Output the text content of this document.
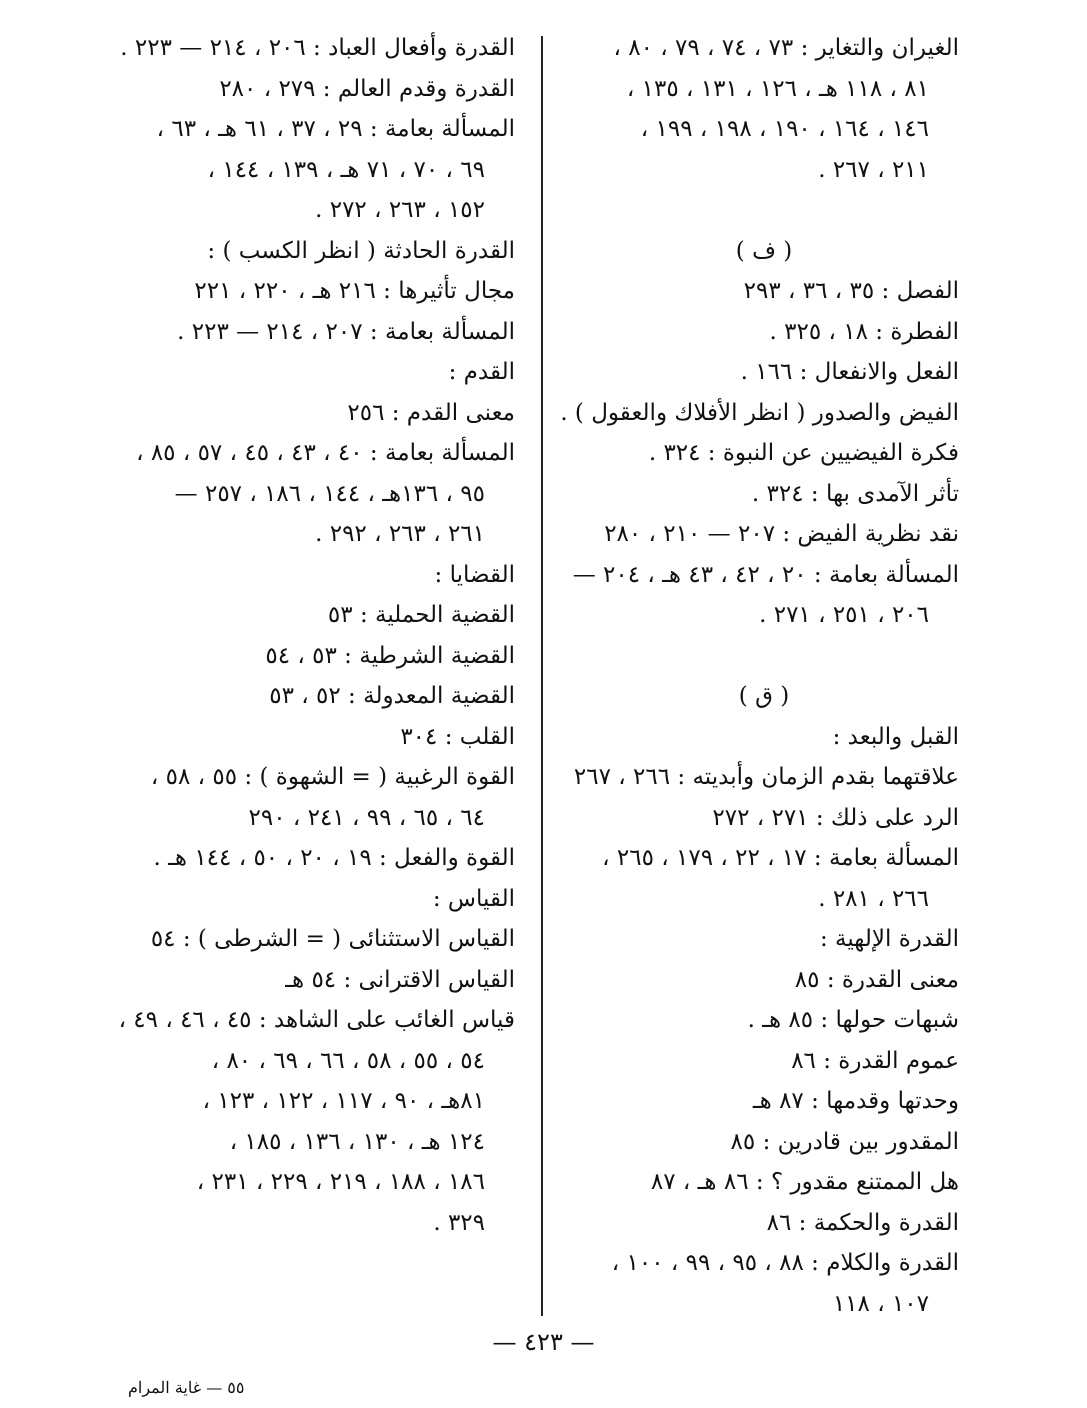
الغيران والتغاير : ٧٣ ، ٧٤ ، ٧٩ ، ٨٠ ،
٨١ ، ١١٨ هـ ، ١٢٦ ، ١٣١ ، ١٣٥ ،
١٤٦ ، ١٦٤ ، ١٩٠ ، ١٩٨ ، ١٩٩ ،
٢١١ ، ٢٦٧ .
( ف )
الفصل : ٣٥ ، ٣٦ ، ٢٩٣
الفطرة : ١٨ ، ٣٢٥ .
الفعل والانفعال : ١٦٦ .
الفيض والصدور ( انظر الأفلاك والعقول ) .
فكرة الفيضيين عن النبوة : ٣٢٤ .
تأثر الآمدى بها : ٣٢٤ .
نقد نظرية الفيض : ٢٠٧ — ٢١٠ ، ٢٨٠
المسألة بعامة : ٢٠ ، ٤٢ ، ٤٣ هـ ، ٢٠٤ —
٢٠٦ ، ٢٥١ ، ٢٧١ .
( ق )
القبل والبعد :
علاقتهما بقدم الزمان وأبديته : ٢٦٦ ، ٢٦٧
الرد على ذلك : ٢٧١ ، ٢٧٢
المسألة بعامة : ١٧ ، ٢٢ ، ١٧٩ ، ٢٦٥ ،
٢٦٦ ، ٢٨١ .
القدرة الإلهية :
معنى القدرة : ٨٥
شبهات حولها : ٨٥ هـ .
عموم القدرة : ٨٦
وحدتها وقدمها : ٨٧ هـ
المقدور بين قادرين : ٨٥
هل الممتنع مقدور ؟ : ٨٦ هـ ، ٨٧
القدرة والحكمة : ٨٦
القدرة والكلام : ٨٨ ، ٩٥ ، ٩٩ ، ١٠٠ ،
١٠٧ ، ١١٨
القدرة وأفعال العباد : ٢٠٦ ، ٢١٤ — ٢٢٣ .
القدرة وقدم العالم : ٢٧٩ ، ٢٨٠
المسألة بعامة : ٢٩ ، ٣٧ ، ٦١ هـ ، ٦٣ ،
٦٩ ، ٧٠ ، ٧١ هـ ، ١٣٩ ، ١٤٤ ،
١٥٢ ، ٢٦٣ ، ٢٧٢ .
القدرة الحادثة ( انظر الكسب ) :
مجال تأثيرها : ٢١٦ هـ ، ٢٢٠ ، ٢٢١
المسألة بعامة : ٢٠٧ ، ٢١٤ — ٢٢٣ .
القدم :
معنى القدم : ٢٥٦
المسألة بعامة : ٤٠ ، ٤٣ ، ٤٥ ، ٥٧ ، ٨٥ ،
٩٥ ، ١٣٦هـ ، ١٤٤ ، ١٨٦ ، ٢٥٧ —
٢٦١ ، ٢٦٣ ، ٢٩٢ .
القضايا :
القضية الحملية : ٥٣
القضية الشرطية : ٥٣ ، ٥٤
القضية المعدولة : ٥٢ ، ٥٣
القلب : ٣٠٤
القوة الرغبية ( = الشهوة ) : ٥٥ ، ٥٨ ،
٦٤ ، ٦٥ ، ٩٩ ، ٢٤١ ، ٢٩٠
القوة والفعل : ١٩ ، ٢٠ ، ٥٠ ، ١٤٤ هـ .
القياس :
القياس الاستثنائى ( = الشرطى ) : ٥٤
القياس الاقترانى : ٥٤ هـ
قياس الغائب على الشاهد : ٤٥ ، ٤٦ ، ٤٩ ،
٥٤ ، ٥٥ ، ٥٨ ، ٦٦ ، ٦٩ ، ٨٠ ،
٨١هـ ، ٩٠ ، ١١٧ ، ١٢٢ ، ١٢٣ ،
١٢٤ هـ ، ١٣٠ ، ١٣٦ ، ١٨٥ ،
١٨٦ ، ١٨٨ ، ٢١٩ ، ٢٢٩ ، ٢٣١ ،
٣٢٩ .
— ٤٢٣ —
٥٥ — غاية المرام
